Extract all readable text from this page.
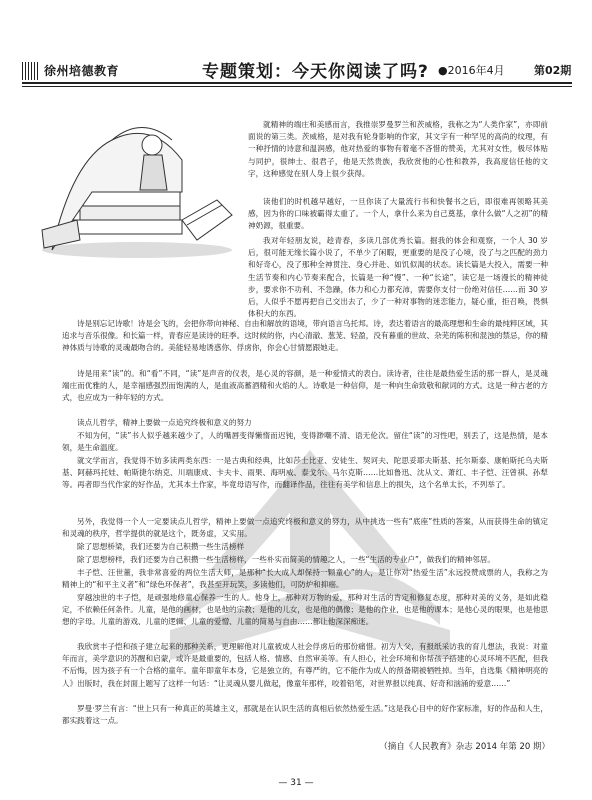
徐州培德教育	专题策划：今天你阅读了吗? ●2016年4月	第02期

就精神的端庄和美感而言，我推崇罗曼罗兰和茨威格，我称之为“人类作家”，亦即前面说的第三类。茨威格，是对我有轮身影响的作家，其文字有一种罕见的高尚的纹理，有一种抒情的诗意和温润感，他对热爱的事物有着毫不吝惜的赞美，尤其对女性，极尽体贴与同护，很绅士、很君子，他是天然贵族，我欣赏他的心性和教养，我高度信任他的文字，这种感觉在别人身上很少获得。

读他们的时机越早越好，一旦你读了大量流行书和快餐书之后，即很难再领略其美感，因为你的口味被霸得太重了。一个人，拿什么来为自己奠基，拿什么做“人之初”的精神奶源，很重要。

我对年轻朋友说，趁青春，多读几部优秀长篇。掘我的体会和观察，一个人 30 岁后，很可能无缘长篇小说了，不单少了闲暇，更重要的是没了心境，没了与之匹配的劲力和好奇心，没了那种全神贯注、身心并赴、如饥似渴的状态。读长篇是大投入，需要一种生活节奏和内心节奏来配合，长篇是一种“慢”、一种“长途”，读它是一场漫长的精神徒步，要求你不功利、不急躁，体力和心力都充沛，需要你支付一份绝对信任……而 30 岁后，人似乎不愿再把自己交出去了，少了一种对事物的迷恋能力，疑心重，拒召唤，畏惧体积大的东西。

诗是别忘记诗歌！诗是会飞的，会把你带向神秘、自由和解放的语境，带向语言乌托邦。诗，表达着语言的最高理想和生命的最纯粹区域，其追求与音乐很像。和长篇一样，青春应是读诗的旺季。这时候的你，内心清澈、葱茏、轻盈，没有暮重的世故、杂芜的陈积和混浊的禁忌，你的精神体质与诗歌的灵魂最吻合的。美能轻易地诱惑你、俘虏你，你会心甘情愿跟她走。

诗是用来“读”的。和“看”不同，“读”是声音的仪表，是心灵的容颜，是一种爱情式的表白。读诗者，往往是最热爱生活的那一群人，是灵魂端庄而优雅的人，是幸福感强烈而饱满的人，是血液高蓄酒精和火焰的人。诗歌是一种信仰，是一种向生命致敬和献词的方式。这是一种古老的方式，也应成为一种年轻的方式。

读点儿哲学，精神上要做一点追究终极和意义的努力

不知为何，“读”书人似乎越来越少了，人的嘴唇变得懒惰而迟钝，变得渺嘲不清、语无伦次。留住“读”的习性吧，别丢了，这是热情，是本领，是生命温度。

就文学而言，我觉得不妨多读两类东西：一是古典和经典，比如莎士比亚、安徒生、契诃夫、陀思妥耶夫斯基、托尔斯泰、康帕斯托乌夫斯基、阿赫玛托娃、帕斯捷尔纳克、川端康成、卡夫卡、雨果、海明威、泰戈尔、马尔克斯……比如鲁迅、沈从文、萧红、丰子恺、汪曾祺、孙犁等。再者即当代作家的好作品，尤其本土作家，毕竟母语写作，而翻译作品，往往有美学和信息上的损失，这个名单太长，不列举了。

另外，我觉得一个人一定要读点儿哲学，精神上要做一点追究终极和意义的努力，从中挑选一些有“底座”性质的答案，从而获得生命的镇定和灵魂的秩序，哲学提供的就是这个，既务虚，又实用。

除了思想桥梁，我们还要为自己积攒一些生活榜样

除了思想榜样，我们还要为自己积攒一些生活榜样，一些朴实而简美的情趣之人，一些“生活的专业户”，做我们的精神邻居。

丰子恺、汪世董，我非常喜爱的两位生活大师，是那种“长大成人却保持一颗童心”的人，是让你对“热爱生活”永远投赞成票的人，我称之为精神上的“和平主义者”和“绿色环保者”，我甚至开玩笑，多读他们，可防炉和抑癌。

穿越浊世的丰子恺，是顽强地修童心保养一生的人。他身上，那种对万物的爱，那种对生活的肯定和修复态度，那种对美的义务，是如此稳定，不依赖任何条件。儿童，是他的画材，也是他的宗教；是他的儿女，也是他的偶像；是他的作业，也是他的课本；是他心灵的眼果，也是他思想的字母。儿童的游戏、儿童的逻辑、儿童的爱憎、儿童的简易与自由……都让他深深痴迷。

我欣赏丰子恺和孩子建立起来的那种关系，更理解他对儿童被成人社会俘虏后的那份痛惜。初为人父，有报纸采访我的育儿想法，我说：对童年而言，美学意识的苏醒和启蒙，或许是最重要的，包括人格、情感、自然审美等。有人担心，社会环境和你帮孩子搭建的心灵环境不匹配，但我不后悔，因为孩子有一个合格的童年。童年即童年本身，它是独立的，有尊严的，它不能作为成人的预备期被牺牲掉。当年，自选集《精神明亮的人》出版时，我在封面上题写了这样一句话：“让灵魂从婴儿做起，像童年那样，咬着铅笔，对世界报以纯真、好奇和汹涌的爱意……”

罗曼·罗兰有言：“世上只有一种真正的英雄主义，那就是在认识生活的真相后依然热爱生活。”这是我心目中的好作家标准，好的作品和人生，都实践着这一点。

（摘自《人民教育》杂志 2014 年第 20 期）
— 31 —
